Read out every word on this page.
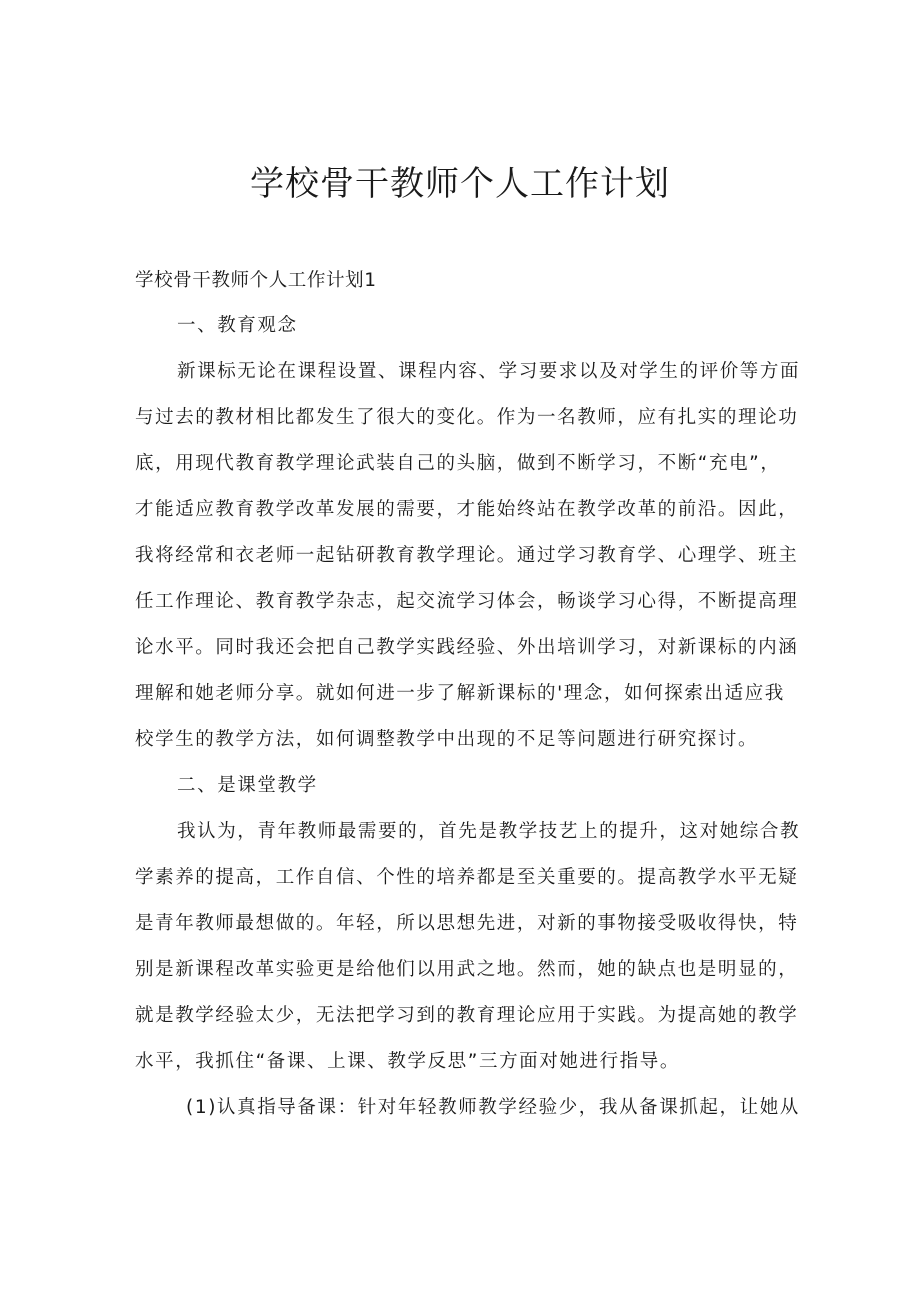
学校骨干教师个人工作计划
学校骨干教师个人工作计划1
一、教育观念
新课标无论在课程设置、课程内容、学习要求以及对学生的评价等方面
与过去的教材相比都发生了很大的变化。作为一名教师，应有扎实的理论功
底，用现代教育教学理论武装自己的头脑，做到不断学习，不断“充电”，
才能适应教育教学改革发展的需要，才能始终站在教学改革的前沿。因此，
我将经常和衣老师一起钻研教育教学理论。通过学习教育学、心理学、班主
任工作理论、教育教学杂志，起交流学习体会，畅谈学习心得，不断提高理
论水平。同时我还会把自己教学实践经验、外出培训学习，对新课标的内涵
理解和她老师分享。就如何进一步了解新课标的'理念，如何探索出适应我
校学生的教学方法，如何调整教学中出现的不足等问题进行研究探讨。
二、是课堂教学
我认为，青年教师最需要的，首先是教学技艺上的提升，这对她综合教
学素养的提高，工作自信、个性的培养都是至关重要的。提高教学水平无疑
是青年教师最想做的。年轻，所以思想先进，对新的事物接受吸收得快，特
别是新课程改革实验更是给他们以用武之地。然而，她的缺点也是明显的，
就是教学经验太少，无法把学习到的教育理论应用于实践。为提高她的教学
水平，我抓住“备课、上课、教学反思”三方面对她进行指导。
(1)认真指导备课：针对年轻教师教学经验少，我从备课抓起，让她从
